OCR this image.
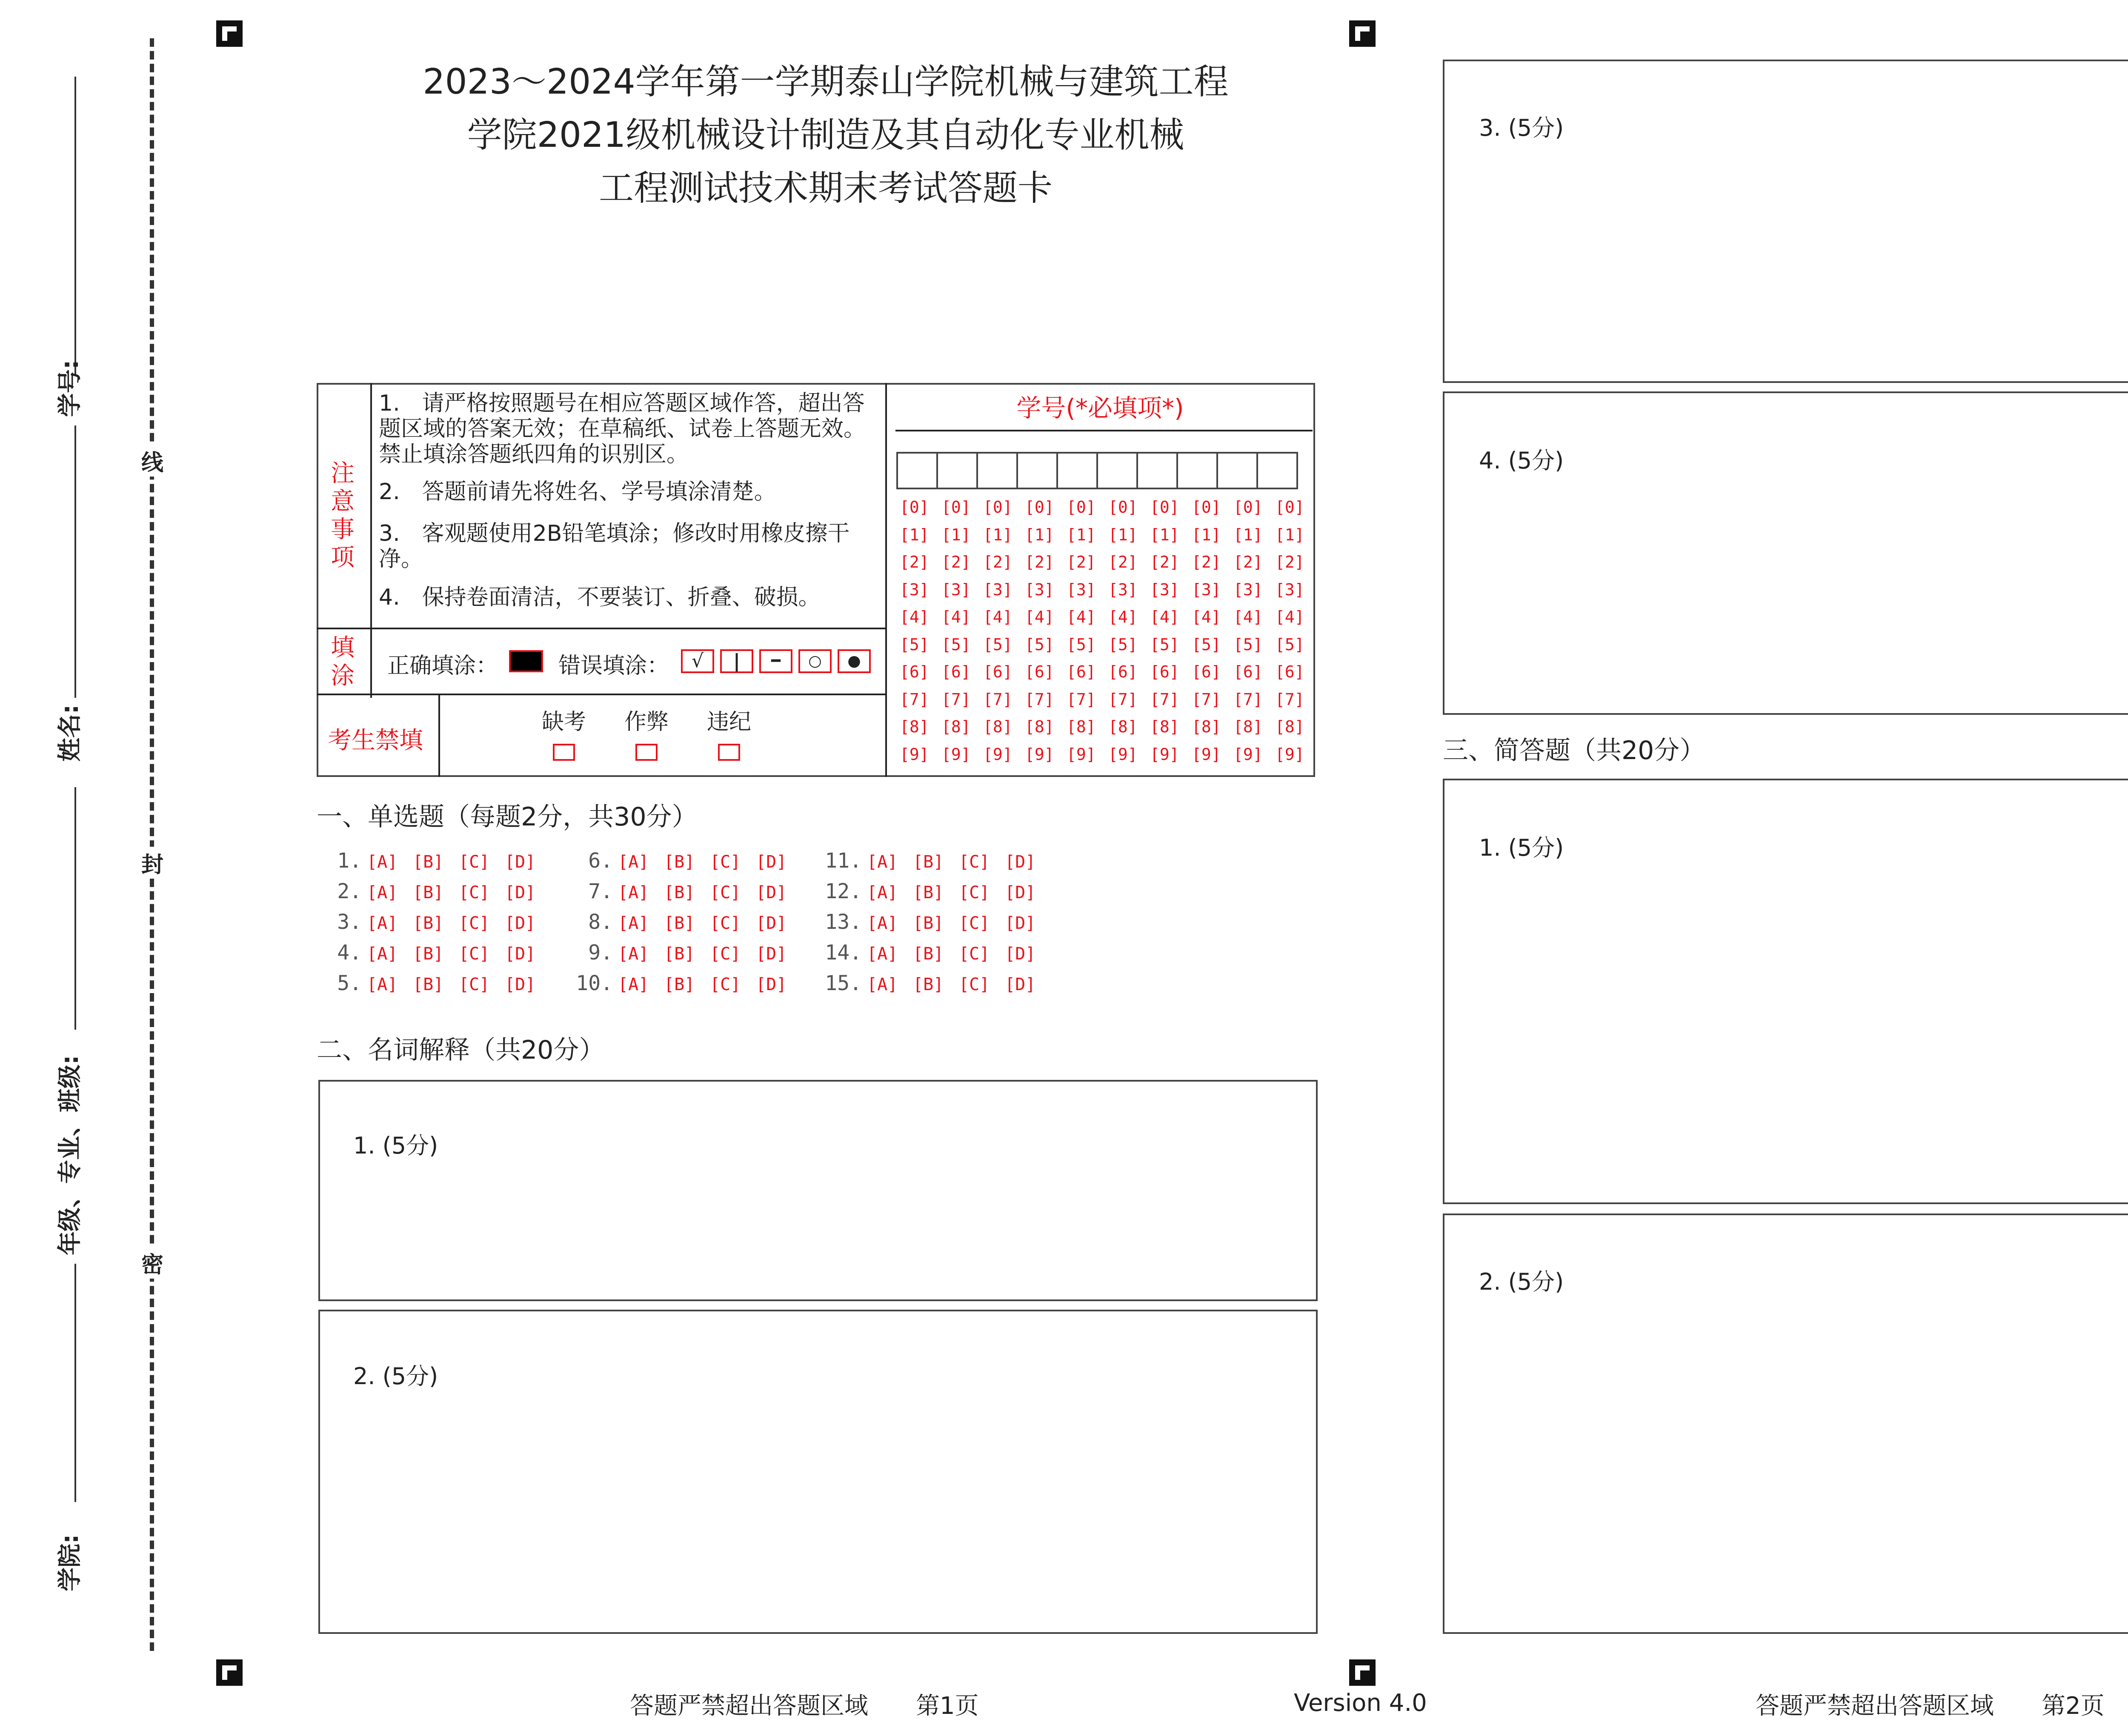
学号:
姓名:
年级、专业、班级:
学院:
线
封
密
2023～2024学年第一学期泰山学院机械与建筑工程
学院2021级机械设计制造及其自动化专业机械
工程测试技术期末考试答题卡
注意事项
1.　请严格按照题号在相应答题区域作答，超出答题区域的答案无效；在草稿纸、试卷上答题无效。禁止填涂答题纸四角的识别区。
2.　答题前请先将姓名、学号填涂清楚。
3.　客观题使用2B铅笔填涂；修改时用橡皮擦干净。
4.　保持卷面清洁，不要装订、折叠、破损。
填涂 正确填涂：	错误填涂：	√	|	━	○	●
考生禁填
缺考 作弊 违纪
学号(*必填项*)
[0] [0] [0] [0] [0] [0] [0] [0] [0] [0]
[1] [1] [1] [1] [1] [1] [1] [1] [1] [1]
[2] [2] [2] [2] [2] [2] [2] [2] [2] [2]
[3] [3] [3] [3] [3] [3] [3] [3] [3] [3]
[4] [4] [4] [4] [4] [4] [4] [4] [4] [4]
[5] [5] [5] [5] [5] [5] [5] [5] [5] [5]
[6] [6] [6] [6] [6] [6] [6] [6] [6] [6]
[7] [7] [7] [7] [7] [7] [7] [7] [7] [7]
[8] [8] [8] [8] [8] [8] [8] [8] [8] [8]
[9] [9] [9] [9] [9] [9] [9] [9] [9] [9]
一、单选题（每题2分，共30分）
1. [A] [B] [C] [D]
2. [A] [B] [C] [D]
3. [A] [B] [C] [D]
4. [A] [B] [C] [D]
5. [A] [B] [C] [D]
6. [A] [B] [C] [D]
7. [A] [B] [C] [D]
8. [A] [B] [C] [D]
9. [A] [B] [C] [D]
10. [A] [B] [C] [D]
11. [A] [B] [C] [D]
12. [A] [B] [C] [D]
13. [A] [B] [C] [D]
14. [A] [B] [C] [D]
15. [A] [B] [C] [D]
二、名词解释（共20分）
1. (5分)
2. (5分)
3. (5分)
4. (5分)
三、简答题（共20分）
1. (5分)
2. (5分)
答题严禁超出答题区域　　第1页	Version 4.0	答题严禁超出答题区域　　第2页
